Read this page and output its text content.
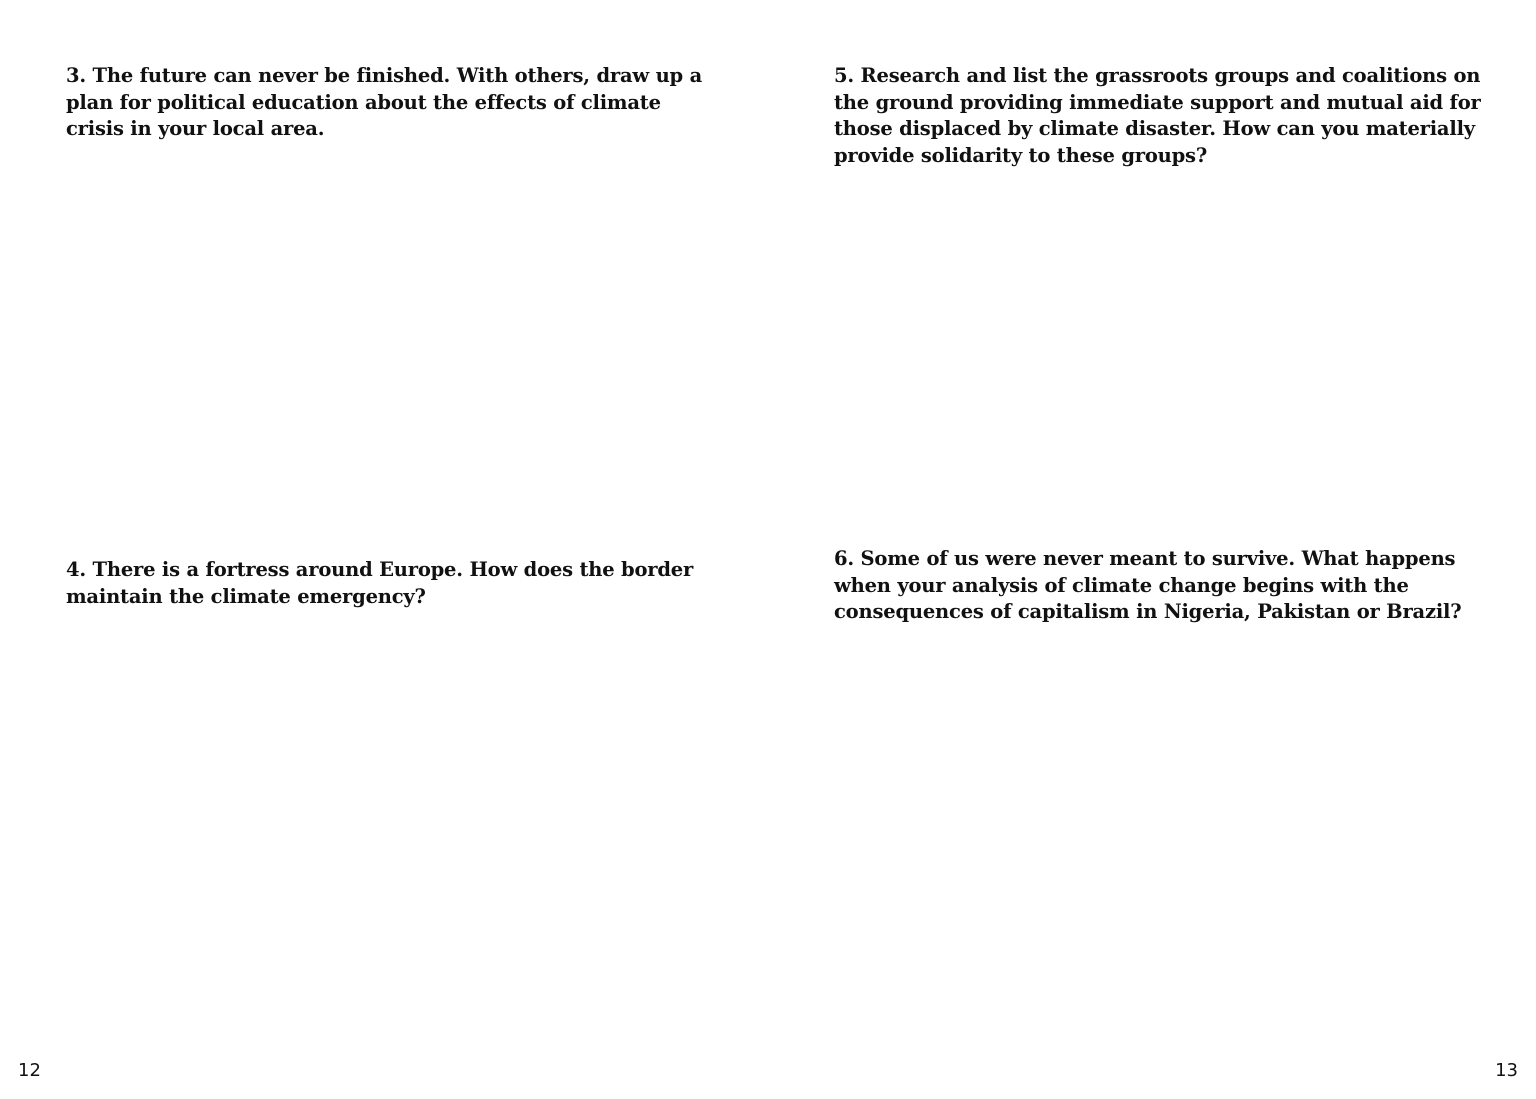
3. The future can never be finished. With others, draw up a plan for political education about the effects of climate crisis in your local area.

4. There is a fortress around Europe. How does the border maintain the climate emergency?

12

5. Research and list the grassroots groups and coalitions on the ground providing immediate support and mutual aid for those displaced by climate disaster. How can you materially provide solidarity to these groups?

6. Some of us were never meant to survive. What happens when your analysis of climate change begins with the consequences of capitalism in Nigeria, Pakistan or Brazil?

13
